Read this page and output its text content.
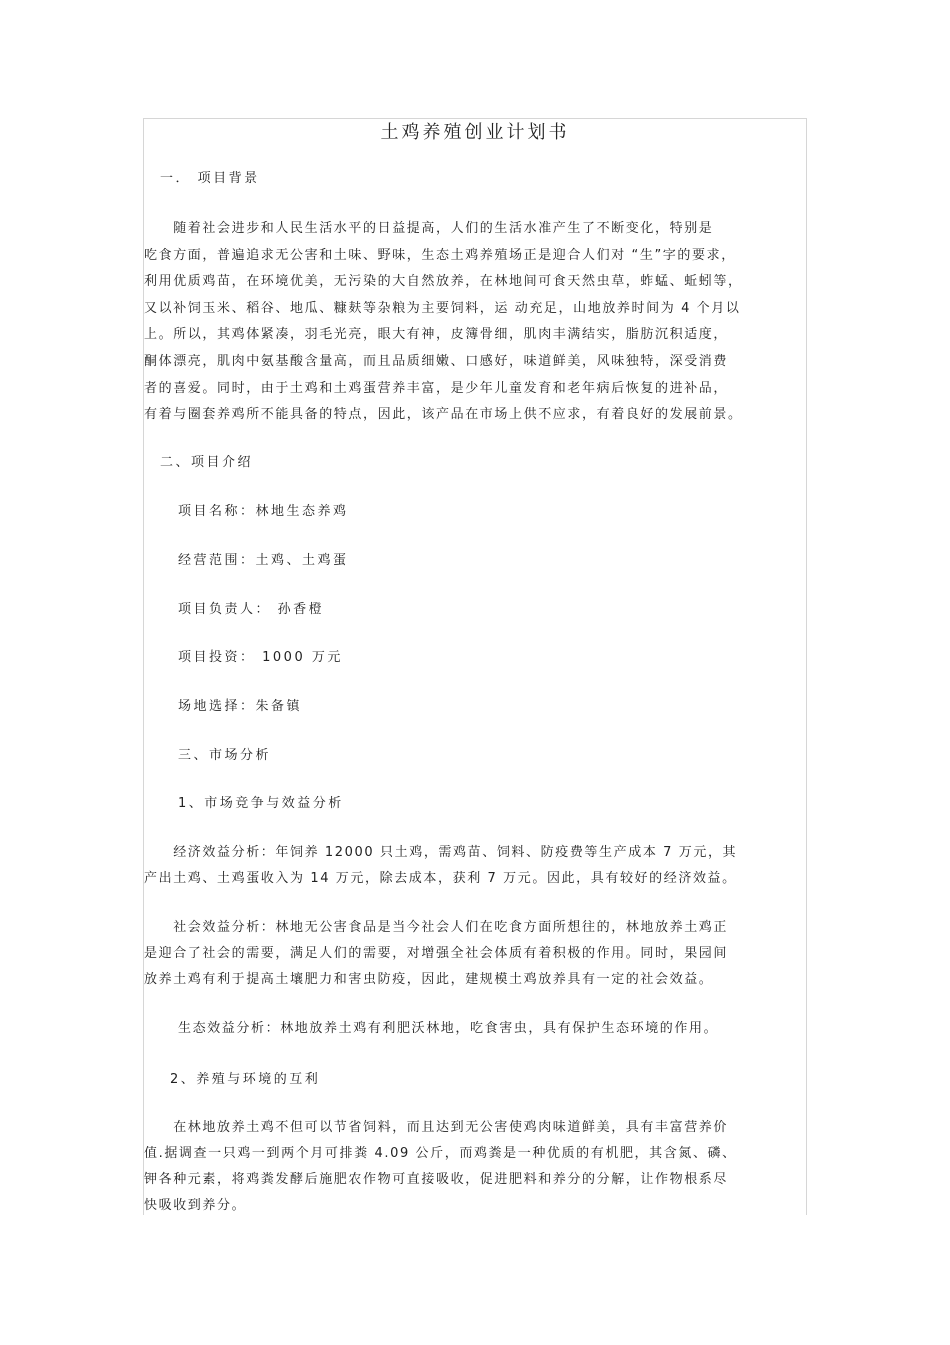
土鸡养殖创业计划书
一． 项目背景
　　随着社会进步和人民生活水平的日益提高，人们的生活水准产生了不断变化，特别是
吃食方面，普遍追求无公害和土味、野味，生态土鸡养殖场正是迎合人们对 “生”字的要求，
利用优质鸡苗，在环境优美，无污染的大自然放养，在林地间可食天然虫草，蚱蜢、蚯蚓等，
又以补饲玉米、稻谷、地瓜、糠麸等杂粮为主要饲料，运 动充足，山地放养时间为 4 个月以
上。所以，其鸡体紧凑，羽毛光亮，眼大有神，皮簿骨细，肌肉丰满结实，脂肪沉积适度，
酮体漂亮，肌肉中氨基酸含量高，而且品质细嫩、口感好，味道鲜美，风味独特，深受消费
者的喜爱。同时，由于土鸡和土鸡蛋营养丰富，是少年儿童发育和老年病后恢复的进补品，
有着与圈套养鸡所不能具备的特点，因此，该产品在市场上供不应求，有着良好的发展前景。
二、项目介绍
项目名称：林地生态养鸡
经营范围：土鸡、土鸡蛋
项目负责人： 孙香橙
项目投资： 1000 万元
场地选择：朱备镇
三、市场分析
1、市场竞争与效益分析
　　经济效益分析：年饲养 12000 只土鸡，需鸡苗、饲料、防疫费等生产成本 7 万元，其
产出土鸡、土鸡蛋收入为 14 万元，除去成本，获利 7 万元。因此，具有较好的经济效益。
　　社会效益分析：林地无公害食品是当今社会人们在吃食方面所想往的，林地放养土鸡正
是迎合了社会的需要，满足人们的需要，对增强全社会体质有着积极的作用。同时，果园间
放养土鸡有利于提高土壤肥力和害虫防疫，因此，建规模土鸡放养具有一定的社会效益。
生态效益分析：林地放养土鸡有利肥沃林地，吃食害虫，具有保护生态环境的作用。
2、养殖与环境的互利
　　在林地放养土鸡不但可以节省饲料，而且达到无公害使鸡肉味道鲜美，具有丰富营养价
值.据调查一只鸡一到两个月可排粪 4.09 公斤，而鸡粪是一种优质的有机肥，其含氮、磷、
钾各种元素，将鸡粪发酵后施肥农作物可直接吸收，促进肥料和养分的分解，让作物根系尽
快吸收到养分。
